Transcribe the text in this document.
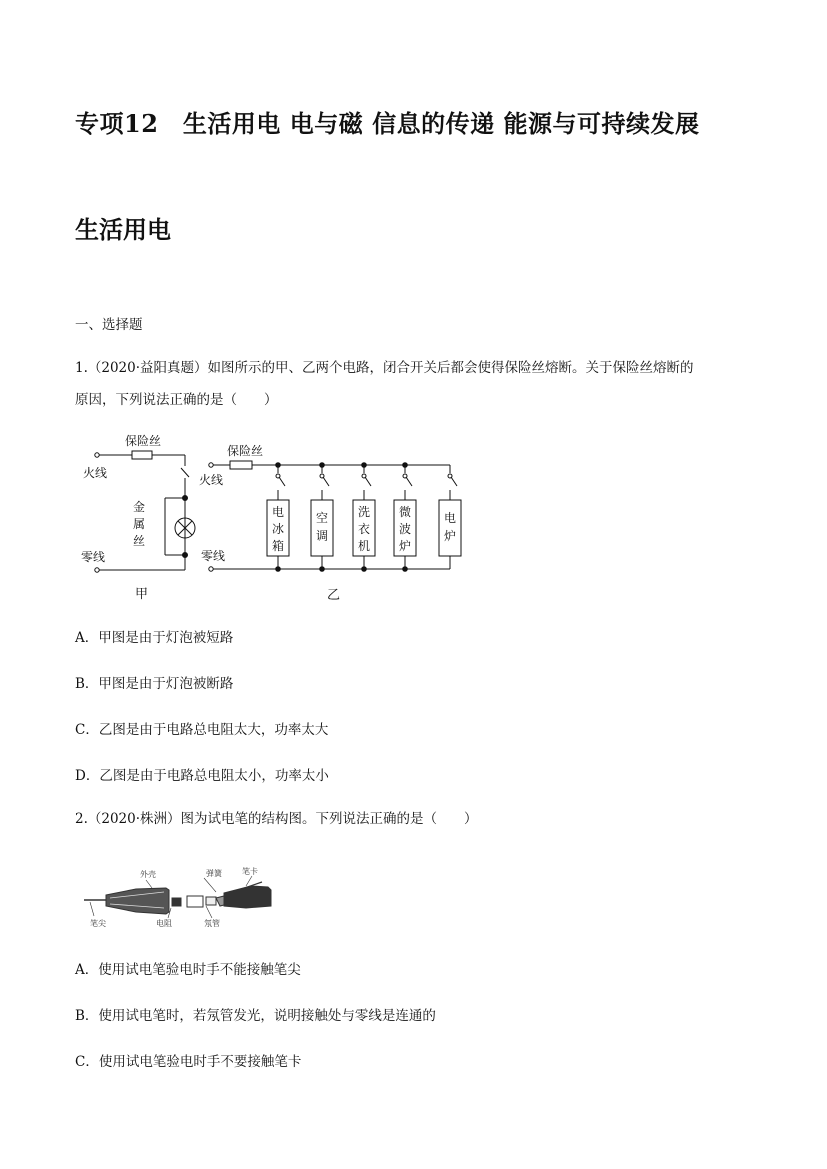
专项12　生活用电 电与磁 信息的传递 能源与可持续发展
生活用电
一、选择题
1.（2020·益阳真题）如图所示的甲、乙两个电路，闭合开关后都会使得保险丝熔断。关于保险丝熔断的
原因，下列说法正确的是（　　）
保险丝
火线
零线
金
属
丝
甲
保险丝
火线
零线
乙
电
冰
箱
空
调
洗
衣
机
微
波
炉
电
炉
A．甲图是由于灯泡被短路
B．甲图是由于灯泡被断路
C．乙图是由于电路总电阻太大，功率太大
D．乙图是由于电路总电阻太小，功率太小
2.（2020·株洲）图为试电笔的结构图。下列说法正确的是（　　）
外壳	弹簧	笔卡
笔尖	电阻	氖管
A．使用试电笔验电时手不能接触笔尖
B．使用试电笔时，若氖管发光，说明接触处与零线是连通的
C．使用试电笔验电时手不要接触笔卡
